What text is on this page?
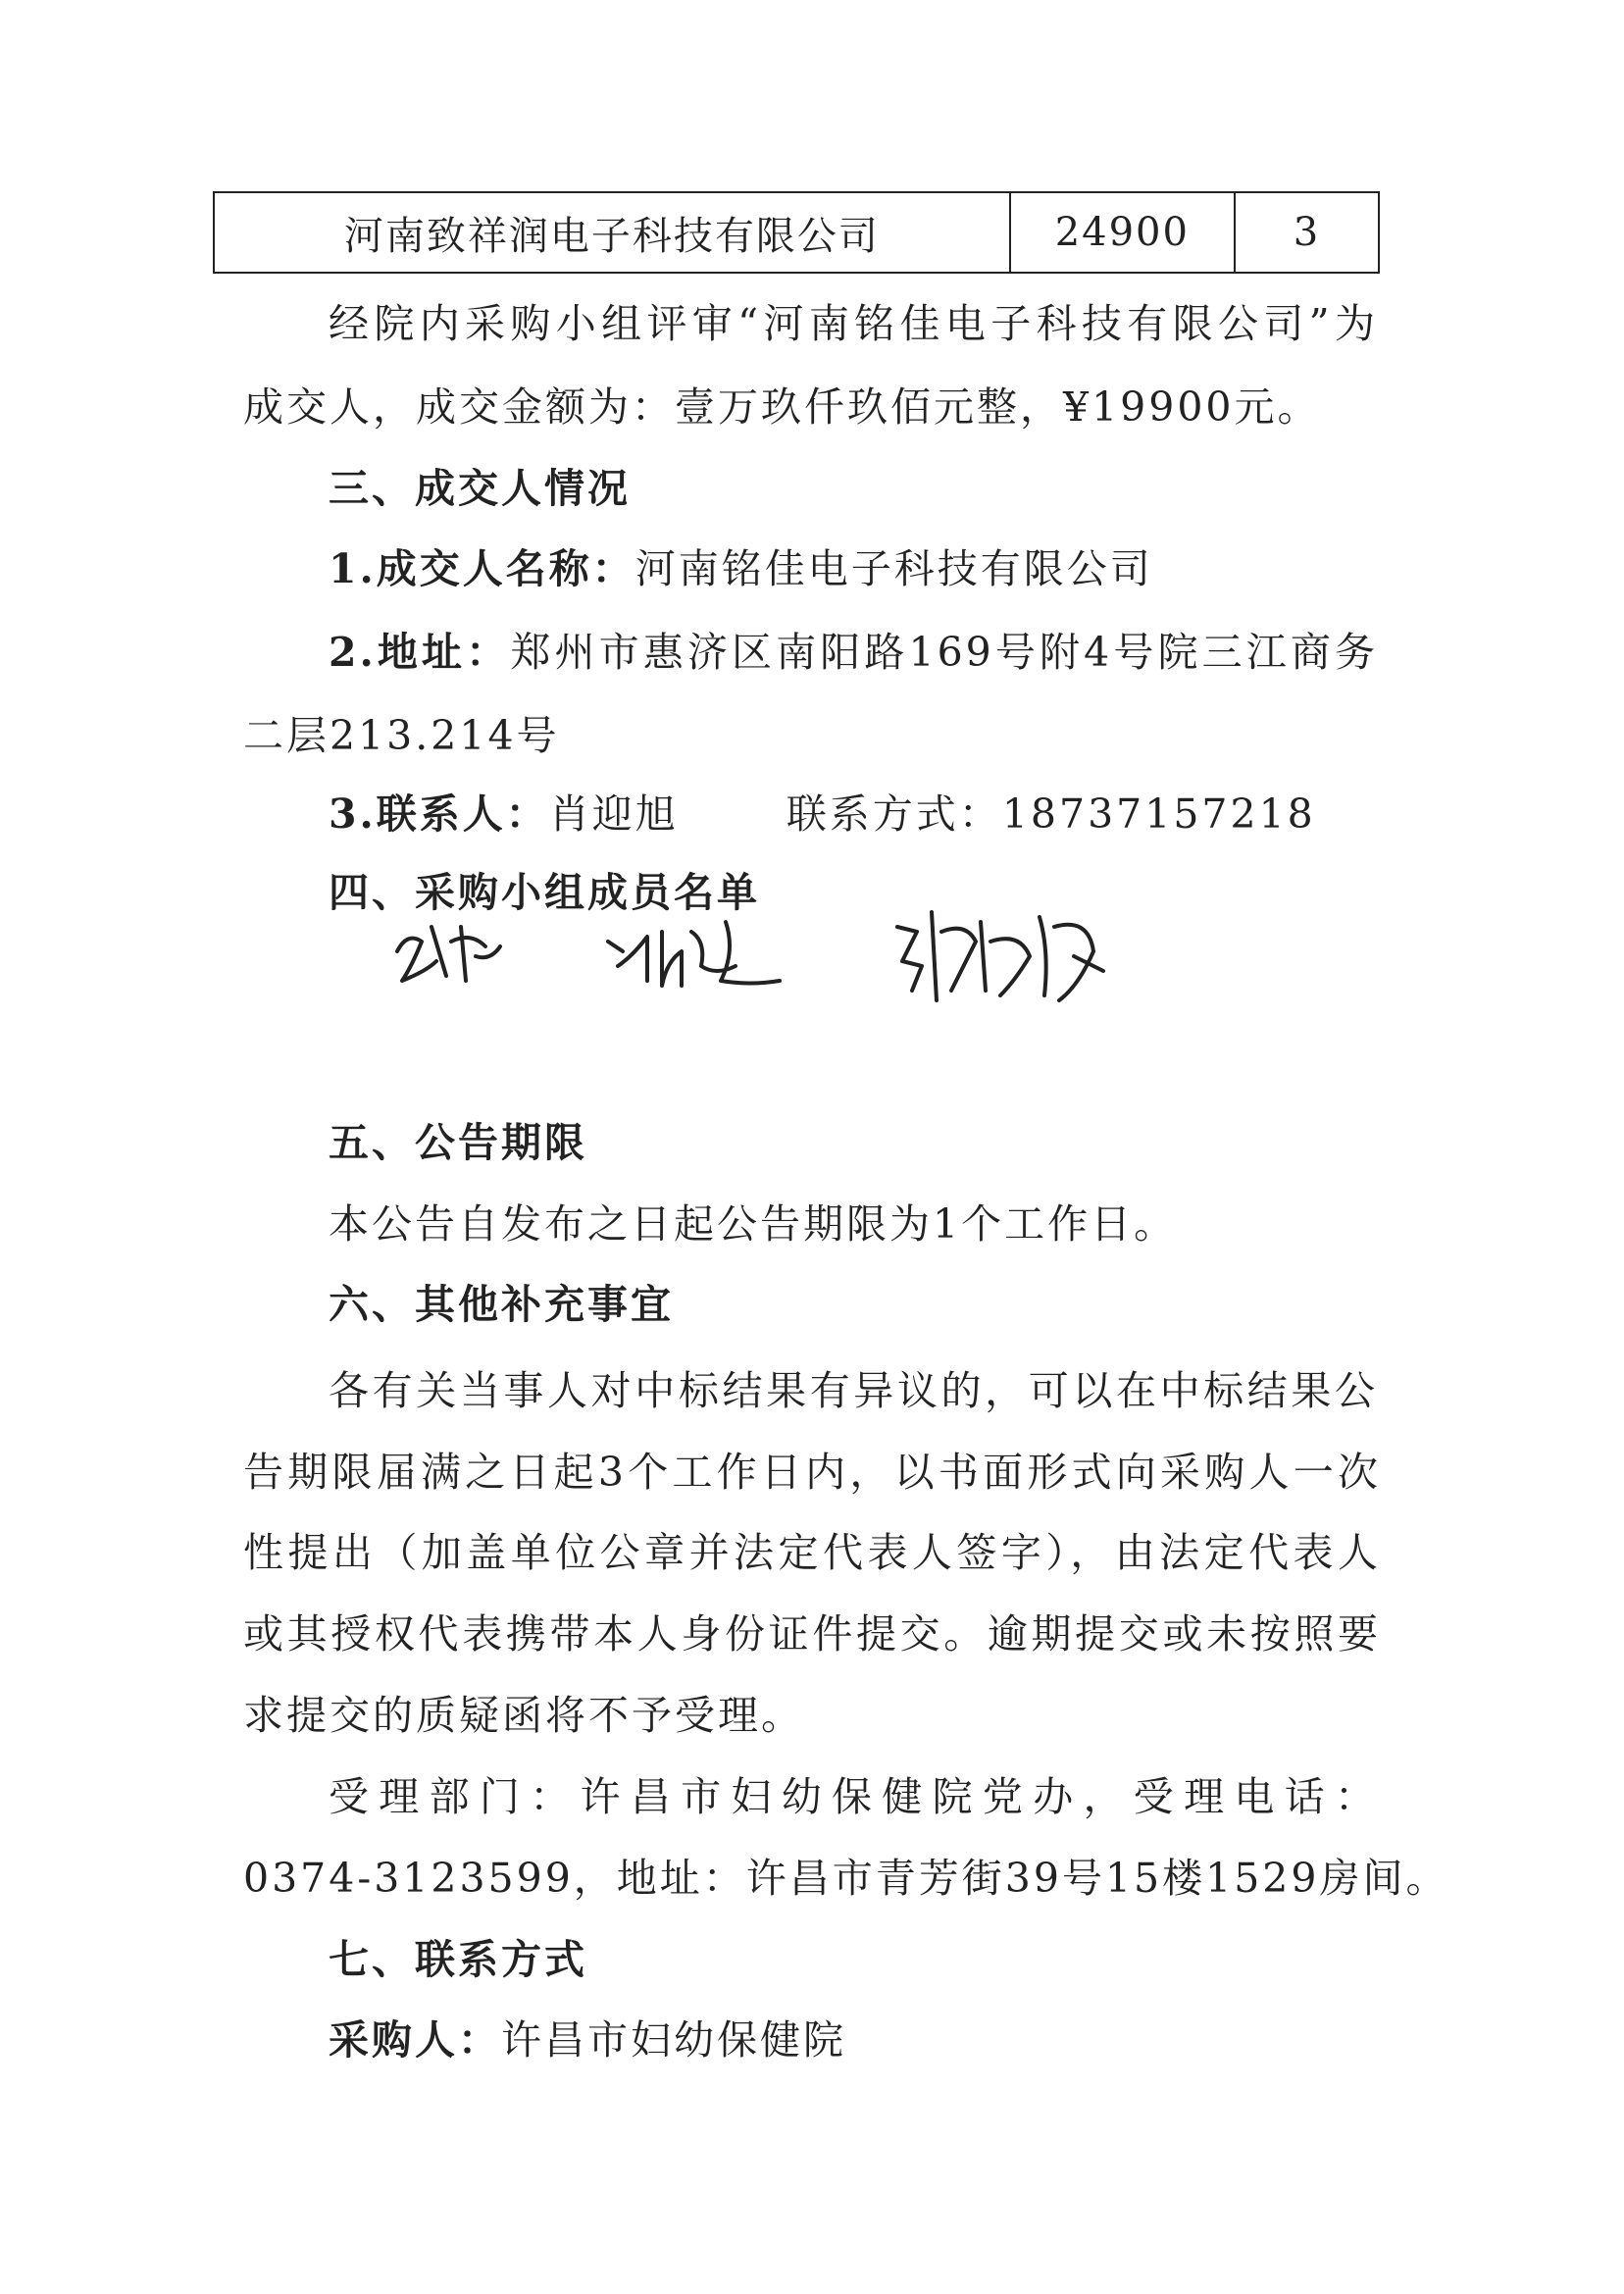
河南致祥润电子科技有限公司	24900	3
经院内采购小组评审“河南铭佳电子科技有限公司”为
成交人，成交金额为：壹万玖仟玖佰元整，¥19900元。
三、成交人情况
1.成交人名称：河南铭佳电子科技有限公司
2.地址：郑州市惠济区南阳路169号附4号院三江商务
二层213.214号
3.联系人：肖迎旭	联系方式：18737157218
四、采购小组成员名单
五、公告期限
本公告自发布之日起公告期限为1个工作日。
六、其他补充事宜
各有关当事人对中标结果有异议的，可以在中标结果公
告期限届满之日起3个工作日内，以书面形式向采购人一次
性提出（加盖单位公章并法定代表人签字），由法定代表人
或其授权代表携带本人身份证件提交。逾期提交或未按照要
求提交的质疑函将不予受理。
受理部门：许昌市妇幼保健院党办，受理电话：
0374-3123599，地址：许昌市青芳街39号15楼1529房间。
七、联系方式
采购人：许昌市妇幼保健院
